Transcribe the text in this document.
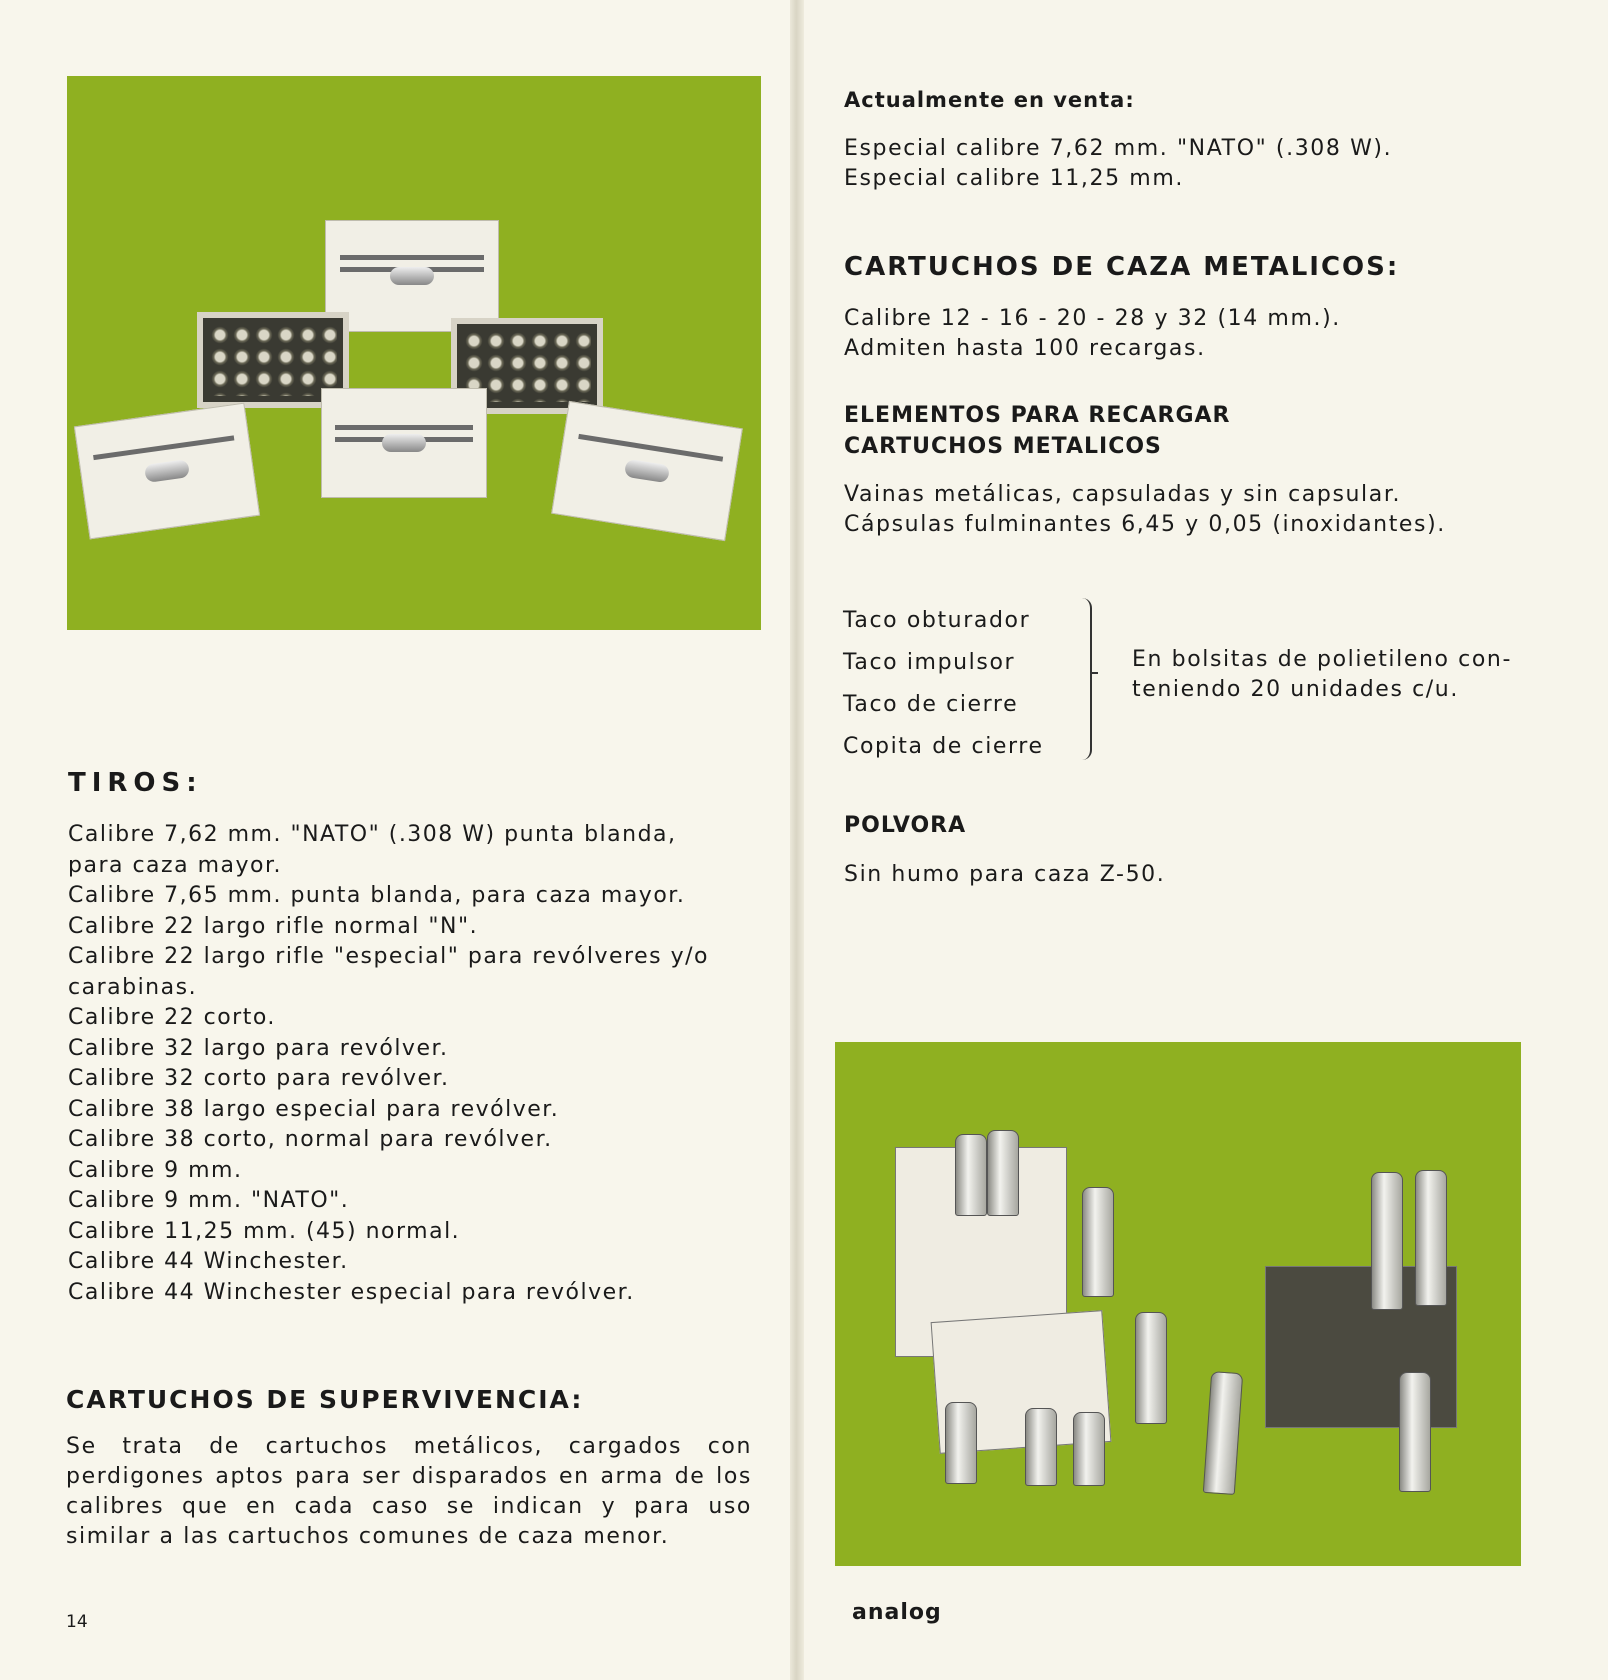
TIROS:
Calibre 7,62 mm. "NATO" (.308 W) punta blanda,
para caza mayor.
Calibre 7,65 mm. punta blanda, para caza mayor.
Calibre 22 largo rifle normal "N".
Calibre 22 largo rifle "especial" para revólveres y/o
carabinas.
Calibre 22 corto.
Calibre 32 largo para revólver.
Calibre 32 corto para revólver.
Calibre 38 largo especial para revólver.
Calibre 38 corto, normal para revólver.
Calibre 9 mm.
Calibre 9 mm. "NATO".
Calibre 11,25 mm. (45) normal.
Calibre 44 Winchester.
Calibre 44 Winchester especial para revólver.
CARTUCHOS DE SUPERVIVENCIA:

Se trata de cartuchos metálicos, cargados con perdigones aptos para ser disparados en arma de los calibres que en cada caso se indican y para uso similar a las cartuchos comunes de caza menor.

14
Actualmente en venta:
Especial calibre 7,62 mm. "NATO" (.308 W).
Especial calibre 11,25 mm.
CARTUCHOS DE CAZA METALICOS:
Calibre 12 - 16 - 20 - 28 y 32 (14 mm.).
Admiten hasta 100 recargas.
ELEMENTOS PARA RECARGAR
CARTUCHOS METALICOS
Vainas metálicas, capsuladas y sin capsular.
Cápsulas fulminantes 6,45 y 0,05 (inoxidantes).
Taco obturador
Taco impulsor
Taco de cierre
Copita de cierre
En bolsitas de polietileno con-
teniendo 20 unidades c/u.
POLVORA
Sin humo para caza Z-50.
analog
